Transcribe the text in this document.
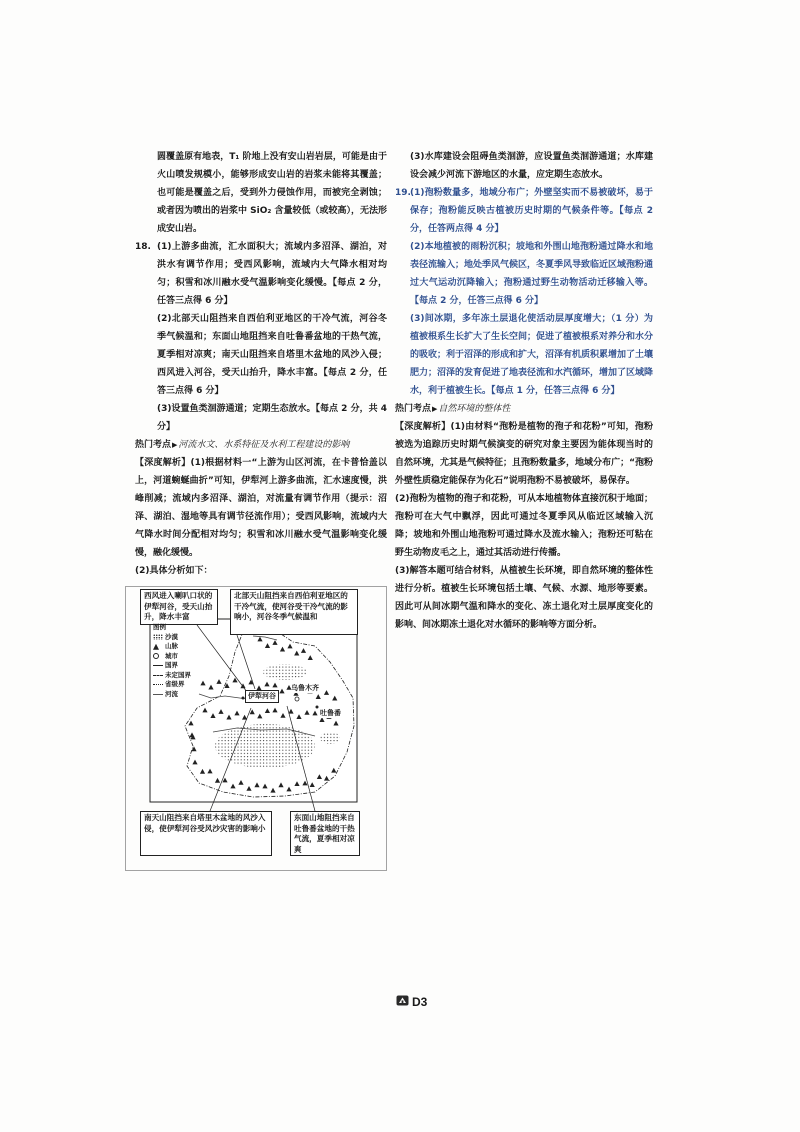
圆覆盖原有地表，T₁ 阶地上没有安山岩岩层，可能是由于火山喷发规模小，能够形成安山岩的岩浆未能将其覆盖；也可能是覆盖之后，受到外力侵蚀作用，而被完全剥蚀；或者因为喷出的岩浆中 SiO₂ 含量较低（或较高），无法形成安山岩。

18. (1)上游多曲流，汇水面积大；流域内多沼泽、湖泊，对洪水有调节作用；受西风影响，流域内大气降水相对均匀；积雪和冰川融水受气温影响变化缓慢。【每点 2 分，任答三点得 6 分】

(2)北部天山阻挡来自西伯利亚地区的干冷气流，河谷冬季气候温和；东面山地阻挡来自吐鲁番盆地的干热气流，夏季相对凉爽；南天山阻挡来自塔里木盆地的风沙入侵；西风进入河谷，受天山抬升，降水丰富。【每点 2 分，任答三点得 6 分】

(3)设置鱼类洄游通道；定期生态放水。【每点 2 分，共 4 分】

热门考点▶河流水文、水系特征及水利工程建设的影响

【深度解析】(1)根据材料一“上游为山区河流，在卡普恰盖以上，河道蜿蜒曲折”可知，伊犁河上游多曲流，汇水速度慢，洪峰削减；流域内多沼泽、湖泊，对流量有调节作用（提示：沼泽、湖泊、湿地等具有调节径流作用）；受西风影响，流域内大气降水时间分配相对均匀；积雪和冰川融水受气温影响变化缓慢，融化缓慢。

(2)具体分析如下：

西风进入喇叭口状的伊犁河谷，受天山抬升，降水丰富
北部天山阻挡来自西伯利亚地区的干冷气流，使河谷受干冷气流的影响小，河谷冬季气候温和
南天山阻挡来自塔里木盆地的风沙入侵，使伊犁河谷受风沙灾害的影响小
东面山地阻挡来自吐鲁番盆地的干热气流，夏季相对凉爽
图例
沙漠
山脉
城市
国界
未定国界
省级界
河流	伊犁河谷
乌鲁木齐
吐鲁番

(3)水库建设会阻碍鱼类洄游，应设置鱼类洄游通道；水库建设会减少河流下游地区的水量，应定期生态放水。

19. (1)孢粉数量多，地域分布广；外壁坚实而不易被破坏，易于保存；孢粉能反映古植被历史时期的气候条件等。【每点 2 分，任答两点得 4 分】

(2)本地植被的雨粉沉积；坡地和外围山地孢粉通过降水和地表径流输入；地处季风气候区，冬夏季风导致临近区域孢粉通过大气运动沉降输入；孢粉通过野生动物活动迁移输入等。【每点 2 分，任答三点得 6 分】

(3)间冰期，多年冻土层退化使活动层厚度增大；（1 分）为植被根系生长扩大了生长空间；促进了植被根系对养分和水分的吸收；利于沼泽的形成和扩大，沼泽有机质积累增加了土壤肥力；沼泽的发育促进了地表径流和水汽循环，增加了区域降水，利于植被生长。【每点 1 分，任答三点得 6 分】

热门考点▶自然环境的整体性

【深度解析】(1)由材料“孢粉是植物的孢子和花粉”可知，孢粉被选为追踪历史时期气候演变的研究对象主要因为能体现当时的自然环境，尤其是气候特征；且孢粉数量多，地域分布广；“孢粉外壁性质稳定能保存为化石”说明孢粉不易被破坏，易保存。

(2)孢粉为植物的孢子和花粉，可从本地植物体直接沉积于地面；孢粉可在大气中飘浮，因此可通过冬夏季风从临近区域输入沉降；坡地和外围山地孢粉可通过降水及流水输入；孢粉还可粘在野生动物皮毛之上，通过其活动进行传播。

(3)解答本题可结合材料，从植被生长环境，即自然环境的整体性进行分析。植被生长环境包括土壤、气候、水源、地形等要素。因此可从间冰期气温和降水的变化、冻土退化对土层厚度变化的影响、间冰期冻土退化对水循环的影响等方面分析。

D3
